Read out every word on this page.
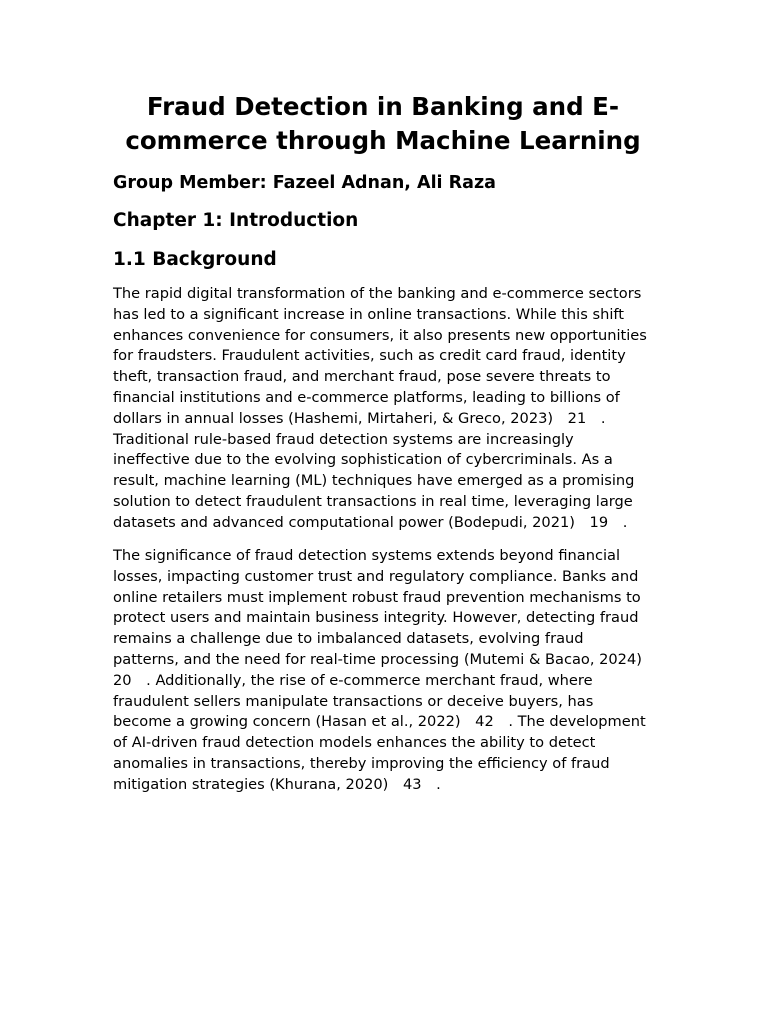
Fraud Detection in Banking and E-commerce through Machine Learning
Group Member: Fazeel Adnan, Ali Raza
Chapter 1: Introduction
1.1 Background

The rapid digital transformation of the banking and e-commerce sectors has led to a significant increase in online transactions. While this shift enhances convenience for consumers, it also presents new opportunities for fraudsters. Fraudulent activities, such as credit card fraud, identity theft, transaction fraud, and merchant fraud, pose severe threats to financial institutions and e-commerce platforms, leading to billions of dollars in annual losses (Hashemi, Mirtaheri, & Greco, 2023)　21　. Traditional rule-based fraud detection systems are increasingly ineffective due to the evolving sophistication of cybercriminals. As a result, machine learning (ML) techniques have emerged as a promising solution to detect fraudulent transactions in real time, leveraging large datasets and advanced computational power (Bodepudi, 2021)　19　.

The significance of fraud detection systems extends beyond financial losses, impacting customer trust and regulatory compliance. Banks and online retailers must implement robust fraud prevention mechanisms to protect users and maintain business integrity. However, detecting fraud remains a challenge due to imbalanced datasets, evolving fraud patterns, and the need for real-time processing (Mutemi & Bacao, 2024)　20　. Additionally, the rise of e-commerce merchant fraud, where fraudulent sellers manipulate transactions or deceive buyers, has become a growing concern (Hasan et al., 2022)　42　. The development of AI-driven fraud detection models enhances the ability to detect anomalies in transactions, thereby improving the efficiency of fraud mitigation strategies (Khurana, 2020)　43　.
